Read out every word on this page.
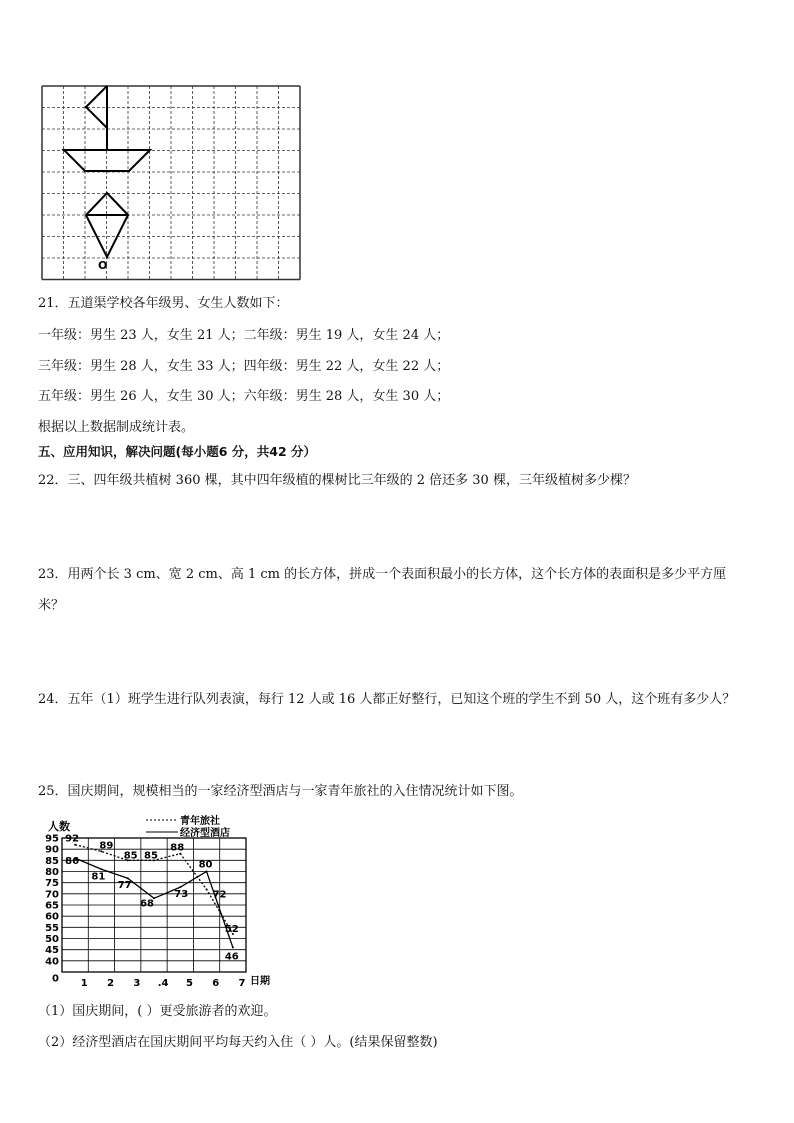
O
21．五道渠学校各年级男、女生人数如下：
一年级：男生 23 人，女生 21 人；二年级：男生 19 人，女生 24 人；
三年级：男生 28 人，女生 33 人；四年级：男生 22 人，女生 22 人；
五年级：男生 26 人，女生 30 人；六年级：男生 28 人，女生 30 人；
根据以上数据制成统计表。
五、应用知识，解决问题(每小题6 分，共42 分）
22．三、四年级共植树 360 棵，其中四年级植的棵树比三年级的 2 倍还多 30 棵，三年级植树多少棵？
23．用两个长 3 cm、宽 2 cm、高 1 cm 的长方体，拼成一个表面积最小的长方体，这个长方体的表面积是多少平方厘
米？
24．五年（1）班学生进行队列表演，每行 12 人或 16 人都正好整行，已知这个班的学生不到 50 人，这个班有多少人？
25．国庆期间，规模相当的一家经济型酒店与一家青年旅社的入住情况统计如下图。
0
40
45
50
55
60
65
70
75
80
85
90
95
人数
日期
1 2 3 .4 5 6 7
青年旅社
经济型酒店
92
89
85 85
88
72
52
86
81
77
68
73
80
46
（1）国庆期间，( ）更受旅游者的欢迎。
（2）经济型酒店在国庆期间平均每天约入住（ ）人。(结果保留整数)
